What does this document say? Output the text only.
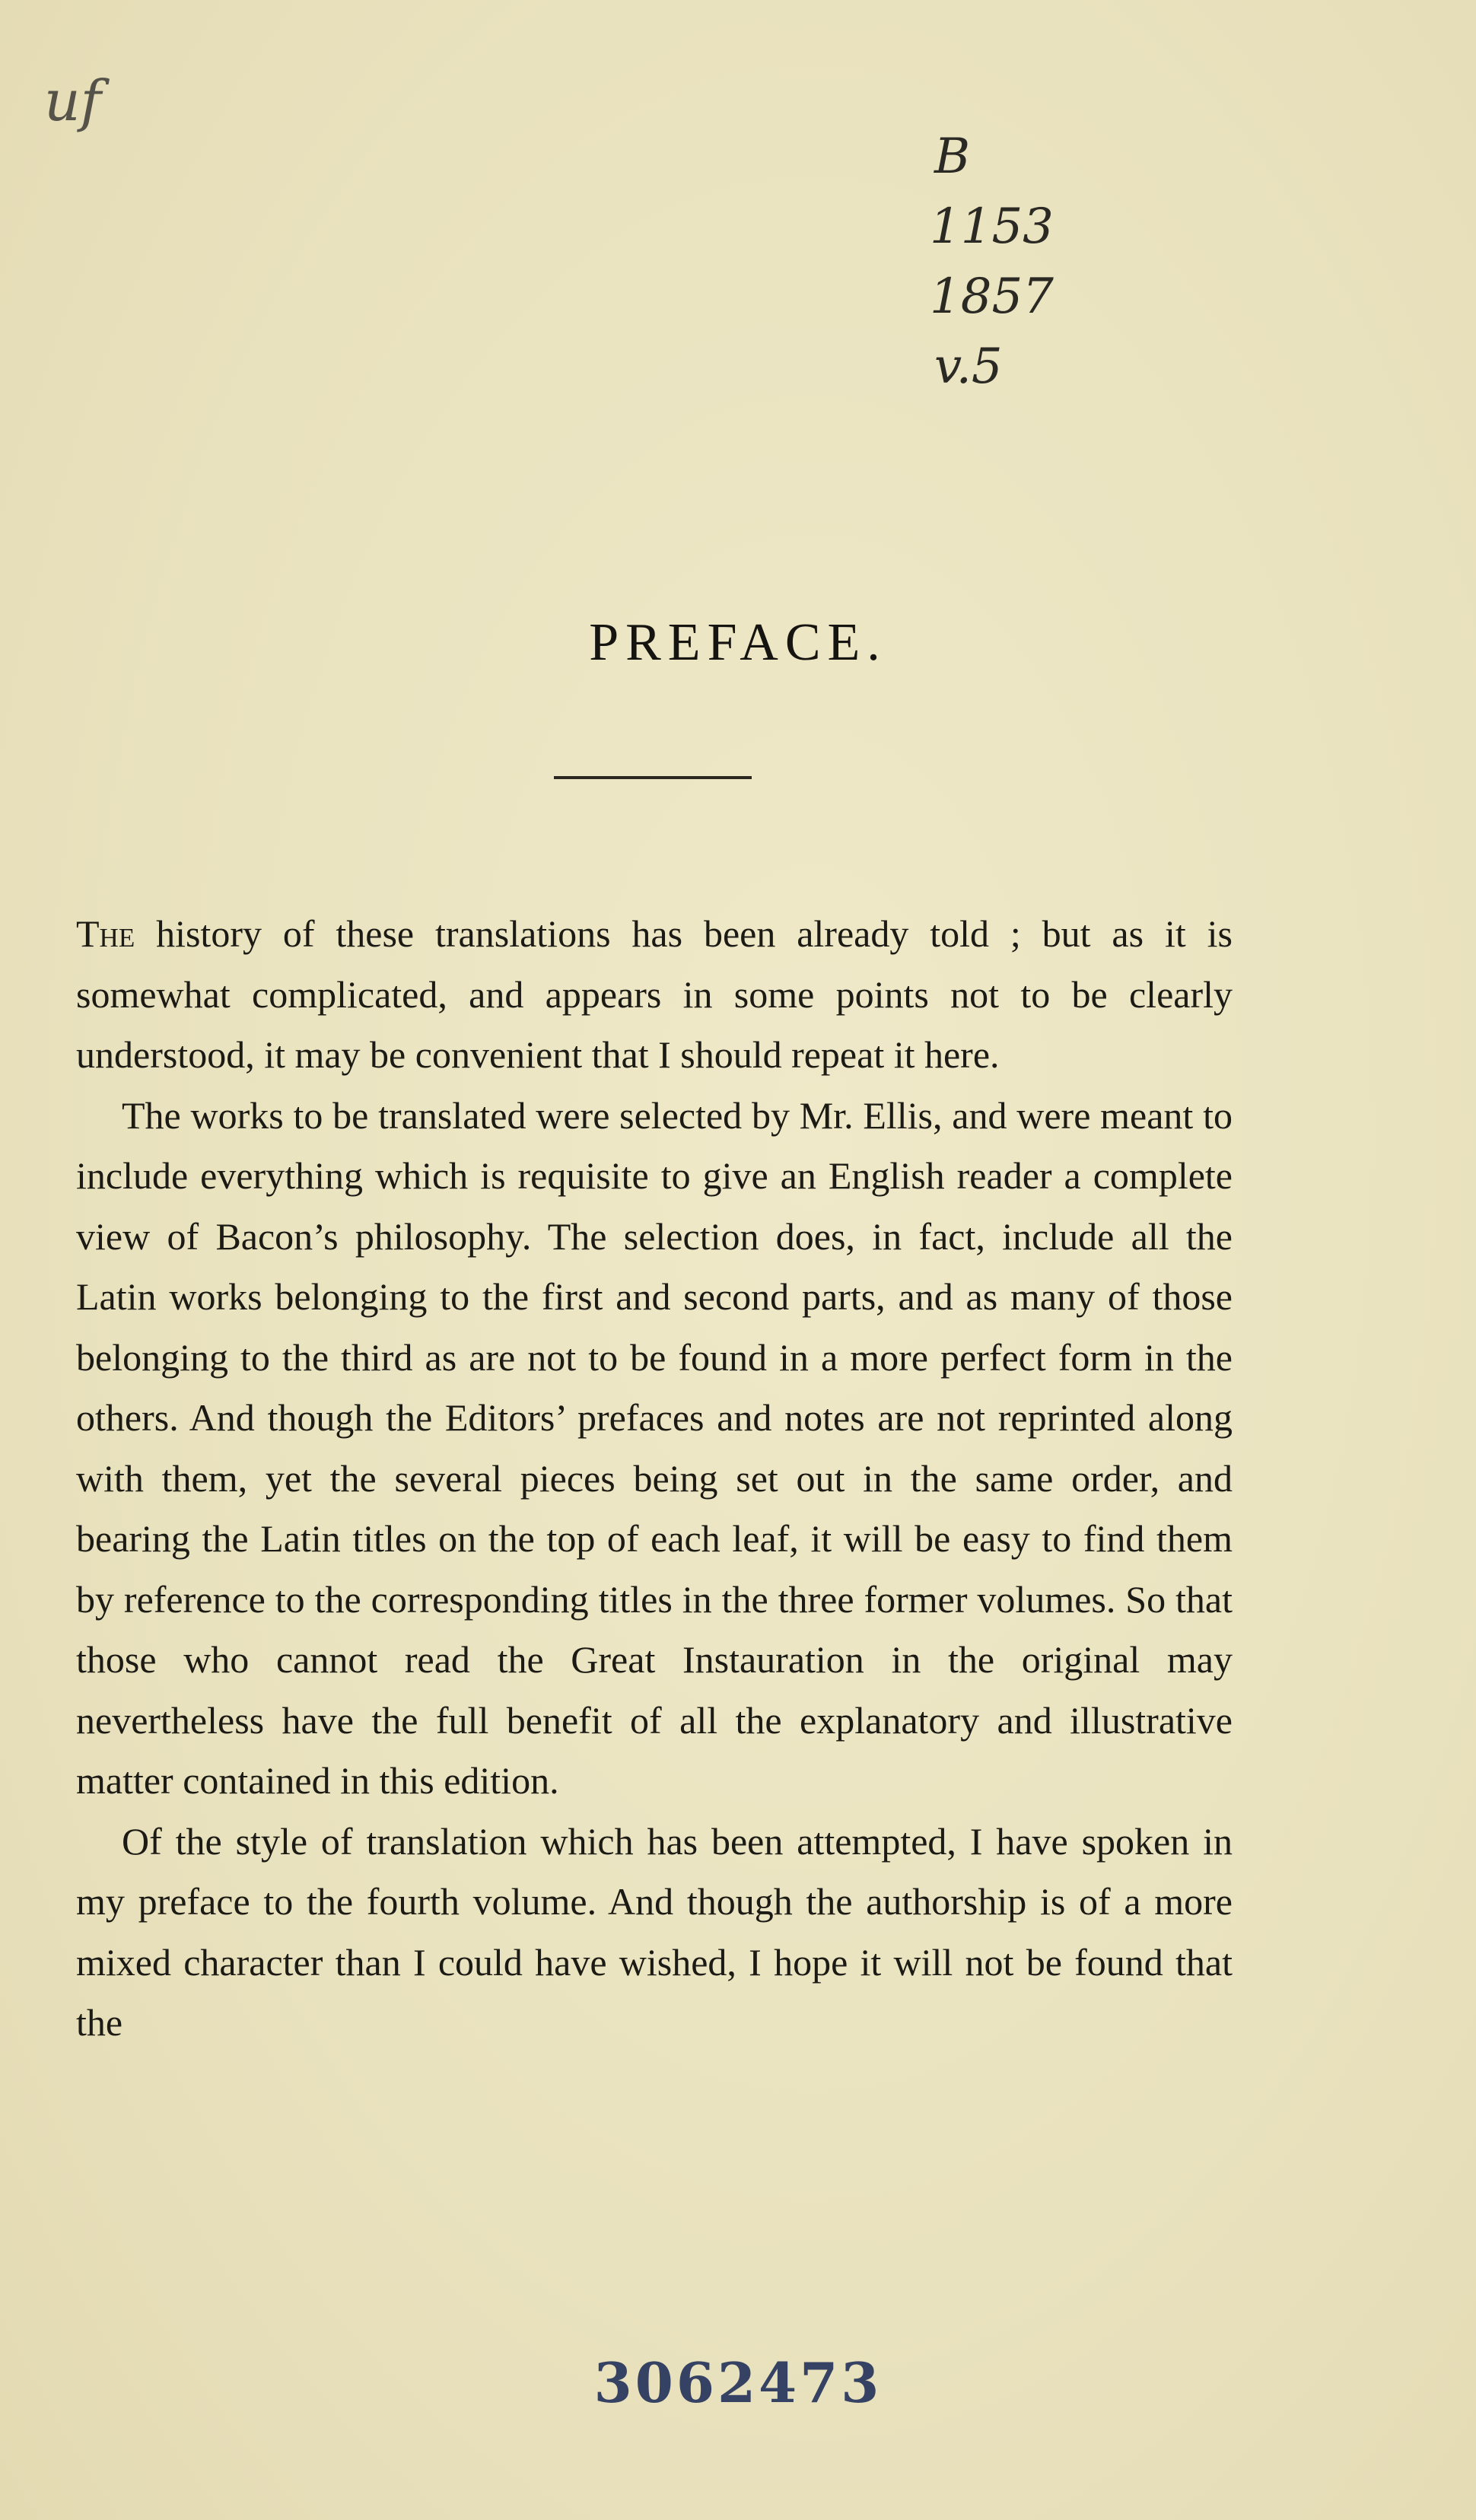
uf
B
1153
1857
v.5
PREFACE.

The history of these translations has been already told ; but as it is somewhat complicated, and appears in some points not to be clearly understood, it may be convenient that I should repeat it here.

The works to be translated were selected by Mr. Ellis, and were meant to include everything which is requisite to give an English reader a complete view of Bacon’s philosophy. The selection does, in fact, include all the Latin works belonging to the first and second parts, and as many of those belonging to the third as are not to be found in a more perfect form in the others. And though the Editors’ prefaces and notes are not reprinted along with them, yet the several pieces being set out in the same order, and bearing the Latin titles on the top of each leaf, it will be easy to find them by reference to the corresponding titles in the three former volumes. So that those who cannot read the Great Instauration in the original may nevertheless have the full benefit of all the explanatory and illustrative matter contained in this edition.

Of the style of translation which has been attempted, I have spoken in my preface to the fourth volume. And though the authorship is of a more mixed character than I could have wished, I hope it will not be found that the

3062473
